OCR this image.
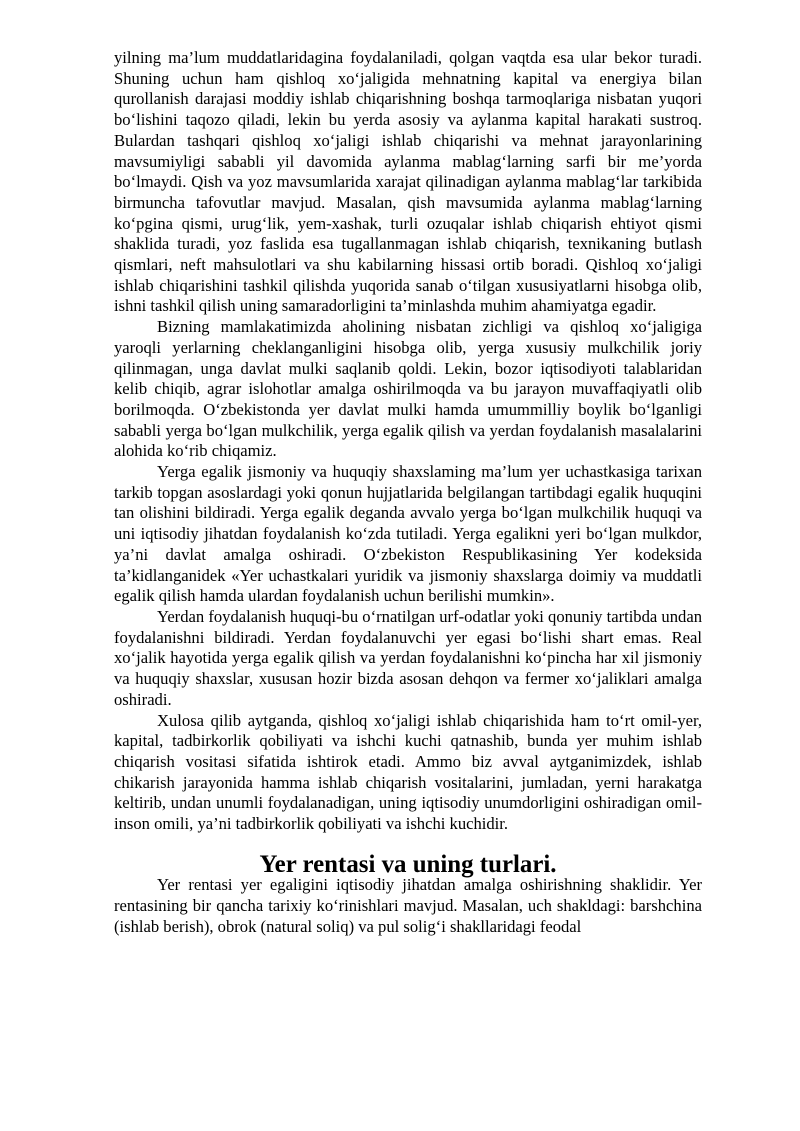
yilning ma’lum muddatlaridagina foydalaniladi, qolgan vaqtda esa ular bekor turadi. Shuning uchun ham qishloq xo‘jaligida mehnatning kapital va energiya bilan qurollanish darajasi moddiy ishlab chiqarishning boshqa tarmoqlariga nisbatan yuqori bo‘lishini taqozo qiladi, lekin bu yerda asosiy va aylanma kapital harakati sustroq. Bulardan tashqari qishloq xo‘jaligi ishlab chiqarishi va mehnat jarayonlarining mavsumiyligi sababli yil davomida aylanma mablag‘larning sarfi bir me’yorda bo‘lmaydi. Qish va yoz mavsumlarida xarajat qilinadigan aylanma mablag‘lar tarkibida birmuncha tafovutlar mavjud. Masalan, qish mavsumida aylanma mablag‘larning ko‘pgina qismi, urug‘lik, yem-xashak, turli ozuqalar ishlab chiqarish ehtiyot qismi shaklida turadi, yoz faslida esa tugallanmagan ishlab chiqarish, texnikaning butlash qismlari, neft mahsulotlari va shu kabilarning hissasi ortib boradi. Qishloq xo‘jaligi ishlab chiqarishini tashkil qilishda yuqorida sanab o‘tilgan xususiyatlarni hisobga olib, ishni tashkil qilish uning samaradorligini ta’minlashda muhim ahamiyatga egadir.

Bizning mamlakatimizda aholining nisbatan zichligi va qishloq xo‘jaligiga yaroqli yerlarning cheklanganligini hisobga olib, yerga xususiy mulkchilik joriy qilinmagan, unga davlat mulki saqlanib qoldi. Lekin, bozor iqtisodiyoti talablaridan kelib chiqib, agrar islohotlar amalga oshirilmoqda va bu jarayon muvaffaqiyatli olib borilmoqda. O‘zbekistonda yer davlat mulki hamda umummilliy boylik bo‘lganligi sababli yerga bo‘lgan mulkchilik, yerga egalik qilish va yerdan foydalanish masalalarini alohida ko‘rib chiqamiz.

Yerga egalik jismoniy va huquqiy shaxslaming ma’lum yer uchastkasiga tarixan tarkib topgan asoslardagi yoki qonun hujjatlarida belgilangan tartibdagi egalik huquqini tan olishini bildiradi. Yerga egalik deganda avvalo yerga bo‘lgan mulkchilik huquqi va uni iqtisodiy jihatdan foydalanish ko‘zda tutiladi. Yerga egalikni yeri bo‘lgan mulkdor, ya’ni davlat amalga oshiradi. O‘zbekiston Respublikasining Yer kodeksida ta’kidlanganidek «Yer uchastkalari yuridik va jismoniy shaxslarga doimiy va muddatli egalik qilish hamda ulardan foydalanish uchun berilishi mumkin».

Yerdan foydalanish huquqi-bu o‘rnatilgan urf-odatlar yoki qonuniy tartibda undan foydalanishni bildiradi. Yerdan foydalanuvchi yer egasi bo‘lishi shart emas. Real xo‘jalik hayotida yerga egalik qilish va yerdan foydalanishni ko‘pincha har xil jismoniy va huquqiy shaxslar, xususan hozir bizda asosan dehqon va fermer xo‘jaliklari amalga oshiradi.

Xulosa qilib aytganda, qishloq xo‘jaligi ishlab chiqarishida ham to‘rt omil-yer, kapital, tadbirkorlik qobiliyati va ishchi kuchi qatnashib, bunda yer muhim ishlab chiqarish vositasi sifatida ishtirok etadi. Ammo biz avval aytganimizdek, ishlab chikarish jarayonida hamma ishlab chiqarish vositalarini, jumladan, yerni harakatga keltirib, undan unumli foydalanadigan, uning iqtisodiy unumdorligini oshiradigan omil-inson omili, ya’ni tadbirkorlik qobiliyati va ishchi kuchidir.

Yer rentasi va uning turlari.

Yer rentasi yer egaligini iqtisodiy jihatdan amalga oshirishning shaklidir. Yer rentasining bir qancha tarixiy ko‘rinishlari mavjud. Masalan, uch shakldagi: barshchina (ishlab berish), obrok (natural soliq) va pul solig‘i shakllaridagi feodal
